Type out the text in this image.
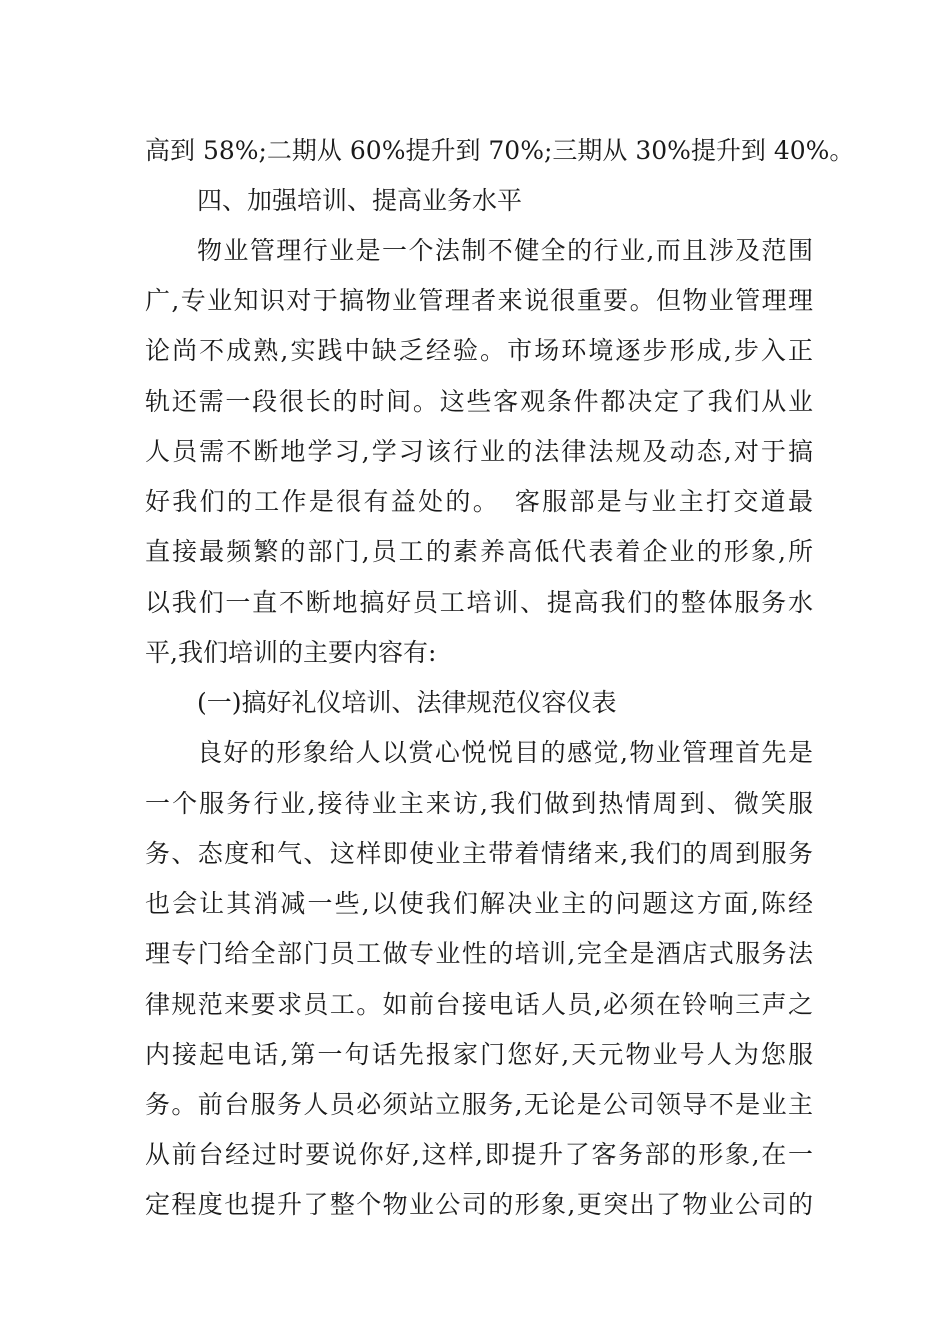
高到 58%;二期从 60%提升到 70%;三期从 30%提升到 40%。
四、加强培训、提高业务水平
物业管理行业是一个法制不健全的行业,而且涉及范围
广,专业知识对于搞物业管理者来说很重要。但物业管理理
论尚不成熟,实践中缺乏经验。市场环境逐步形成,步入正
轨还需一段很长的时间。这些客观条件都决定了我们从业
人员需不断地学习,学习该行业的法律法规及动态,对于搞
好我们的工作是很有益处的。　客服部是与业主打交道最
直接最频繁的部门,员工的素养高低代表着企业的形象,所
以我们一直不断地搞好员工培训、提高我们的整体服务水
平,我们培训的主要内容有:
(一)搞好礼仪培训、法律规范仪容仪表
良好的形象给人以赏心悦悦目的感觉,物业管理首先是
一个服务行业,接待业主来访,我们做到热情周到、微笑服
务、态度和气、这样即使业主带着情绪来,我们的周到服务
也会让其消减一些,以使我们解决业主的问题这方面,陈经
理专门给全部门员工做专业性的培训,完全是酒店式服务法
律规范来要求员工。如前台接电话人员,必须在铃响三声之
内接起电话,第一句话先报家门您好,天元物业号人为您服
务。前台服务人员必须站立服务,无论是公司领导不是业主
从前台经过时要说你好,这样,即提升了客务部的形象,在一
定程度也提升了整个物业公司的形象,更突出了物业公司的
